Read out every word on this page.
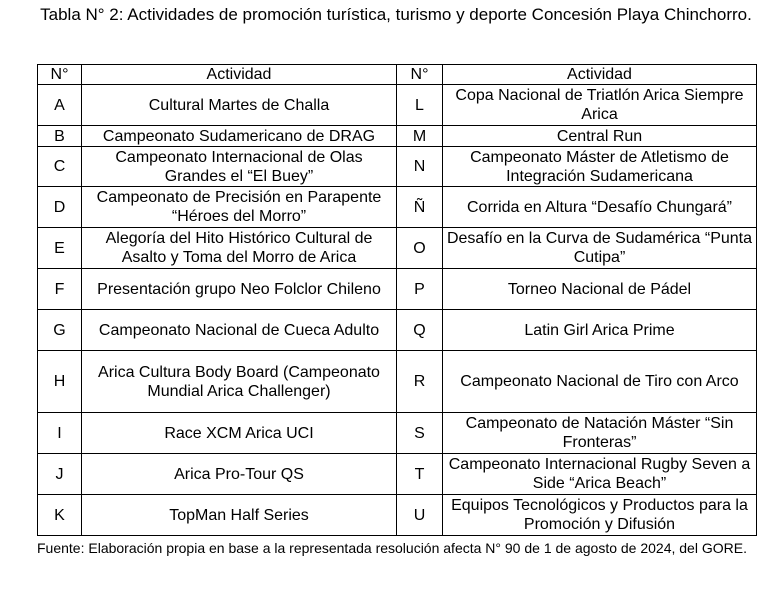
Tabla N° 2: Actividades de promoción turística, turismo y deporte Concesión Playa Chinchorro.
N°	Actividad	N°	Actividad
A	Cultural Martes de Challa	L	Copa Nacional de Triatlón Arica Siempre Arica
B	Campeonato Sudamericano de DRAG	M	Central Run
C	Campeonato Internacional de Olas Grandes el “El Buey”	N	Campeonato Máster de Atletismo de Integración Sudamericana
D	Campeonato de Precisión en Parapente “Héroes del Morro”	Ñ	Corrida en Altura “Desafío Chungará”
E	Alegoría del Hito Histórico Cultural de Asalto y Toma del Morro de Arica	O	Desafío en la Curva de Sudamérica “Punta Cutipa”
F	Presentación grupo Neo Folclor Chileno	P	Torneo Nacional de Pádel
G	Campeonato Nacional de Cueca Adulto	Q	Latin Girl Arica Prime
H	Arica Cultura Body Board (Campeonato Mundial Arica Challenger)	R	Campeonato Nacional de Tiro con Arco
I	Race XCM Arica UCI	S	Campeonato de Natación Máster “Sin Fronteras”
J	Arica Pro-Tour QS	T	Campeonato Internacional Rugby Seven a Side “Arica Beach”
K	TopMan Half Series	U	Equipos Tecnológicos y Productos para la Promoción y Difusión
Fuente: Elaboración propia en base a la representada resolución afecta N° 90 de 1 de agosto de 2024, del GORE.
